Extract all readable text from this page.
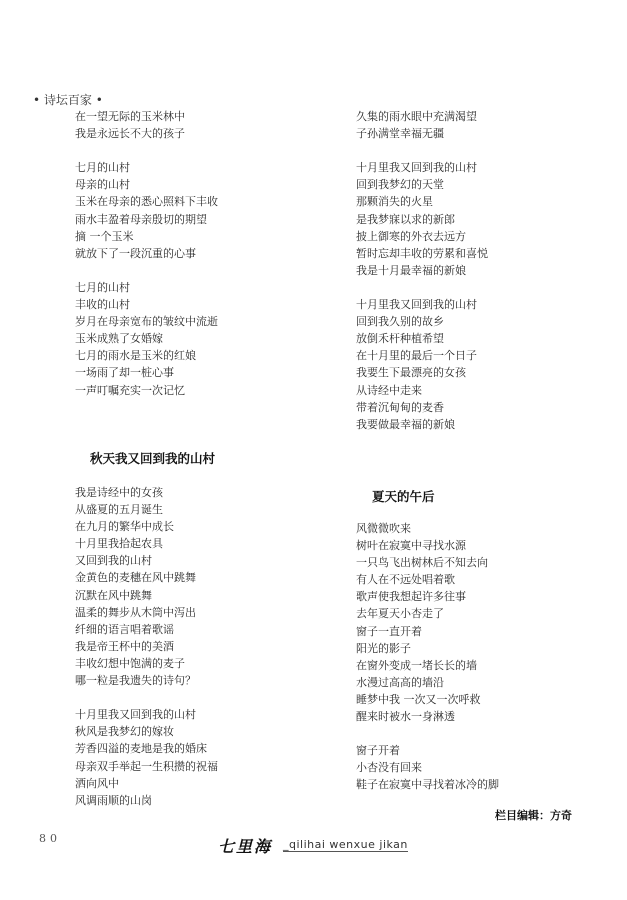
• 诗坛百家 •
在一望无际的玉米林中
我是永远长不大的孩子
七月的山村
母亲的山村
玉米在母亲的悉心照料下丰收
雨水丰盈着母亲殷切的期望
摘 一个玉米
就放下了一段沉重的心事
七月的山村
丰收的山村
岁月在母亲宽布的皱纹中流逝
玉米成熟了女婚嫁
七月的雨水是玉米的红娘
一场雨了却一桩心事
一声叮嘱充实一次记忆
久集的雨水眼中充满渴望
子孙满堂幸福无疆
十月里我又回到我的山村
回到我梦幻的天堂
那颗消失的火星
是我梦寐以求的新郎
披上御寒的外衣去远方
暂时忘却丰收的劳累和喜悦
我是十月最幸福的新娘
十月里我又回到我的山村
回到我久别的故乡
放倒禾杆种植希望
在十月里的最后一个日子
我要生下最漂亮的女孩
从诗经中走来
带着沉甸甸的麦香
我要做最幸福的新娘
秋天我又回到我的山村
我是诗经中的女孩
从盛夏的五月诞生
在九月的繁华中成长
十月里我拾起农具
又回到我的山村
金黄色的麦穗在风中跳舞
沉默在风中跳舞
温柔的舞步从木筒中泻出
纤细的语言唱着歌谣
我是帝王杯中的美酒
丰收幻想中饱满的麦子
哪一粒是我遗失的诗句？
十月里我又回到我的山村
秋风是我梦幻的嫁妆
芳香四溢的麦地是我的婚床
母亲双手举起一生积攒的祝福
洒向风中
风调雨顺的山岗
夏天的午后
风微微吹来
树叶在寂寞中寻找水源
一只鸟飞出树林后不知去向
有人在不远处唱着歌
歌声使我想起许多往事
去年夏天小杏走了
窗子一直开着
阳光的影子
在窗外变成一堵长长的墙
水漫过高高的墙沿
睡梦中我 一次又一次呼救
醒来时被水一身淋透
窗子开着
小杏没有回来
鞋子在寂寞中寻找着冰冷的脚
栏目编辑：方奇
80	七里海 _qilihai wenxue jikan
